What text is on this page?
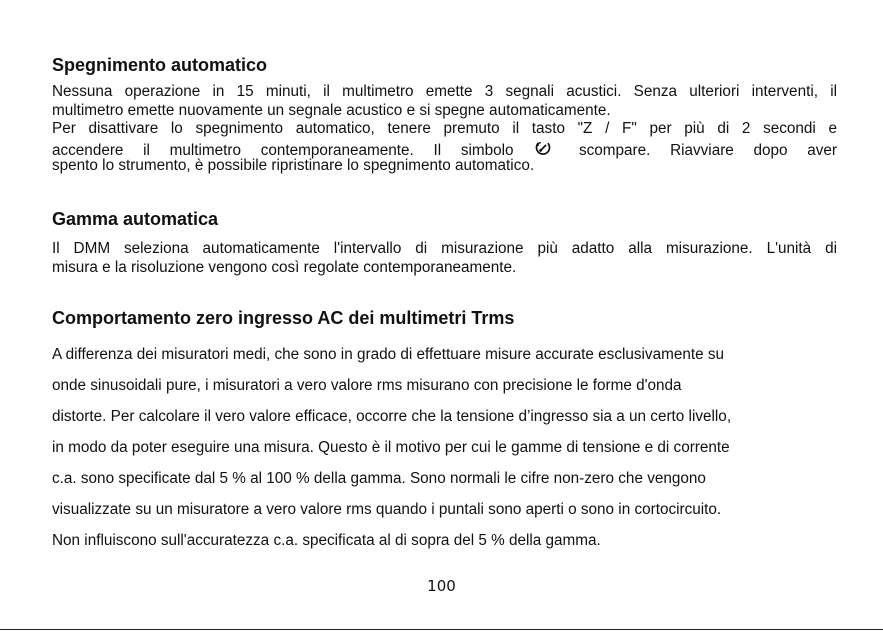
Spegnimento automatico
Nessuna operazione in 15 minuti, il multimetro emette 3 segnali acustici. Senza ulteriori interventi, il
multimetro emette nuovamente un segnale acustico e si spegne automaticamente.
Per disattivare lo spegnimento automatico, tenere premuto il tasto "Z / F" per più di 2 secondi e
accendere il multimetro contemporaneamente. Il simbolo	scompare. Riavviare dopo aver
spento lo strumento, è possibile ripristinare lo spegnimento automatico.
Gamma automatica
Il DMM seleziona automaticamente l'intervallo di misurazione più adatto alla misurazione. L'unità di
misura e la risoluzione vengono così regolate contemporaneamente.
Comportamento zero ingresso AC dei multimetri Trms
A differenza dei misuratori medi, che sono in grado di effettuare misure accurate esclusivamente su
onde sinusoidali pure, i misuratori a vero valore rms misurano con precisione le forme d'onda
distorte. Per calcolare il vero valore efficace, occorre che la tensione d’ingresso sia a un certo livello,
in modo da poter eseguire una misura. Questo è il motivo per cui le gamme di tensione e di corrente
c.a. sono specificate dal 5 % al 100 % della gamma. Sono normali le cifre non-zero che vengono
visualizzate su un misuratore a vero valore rms quando i puntali sono aperti o sono in cortocircuito.
Non influiscono sull'accuratezza c.a. specificata al di sopra del 5 % della gamma.
100
